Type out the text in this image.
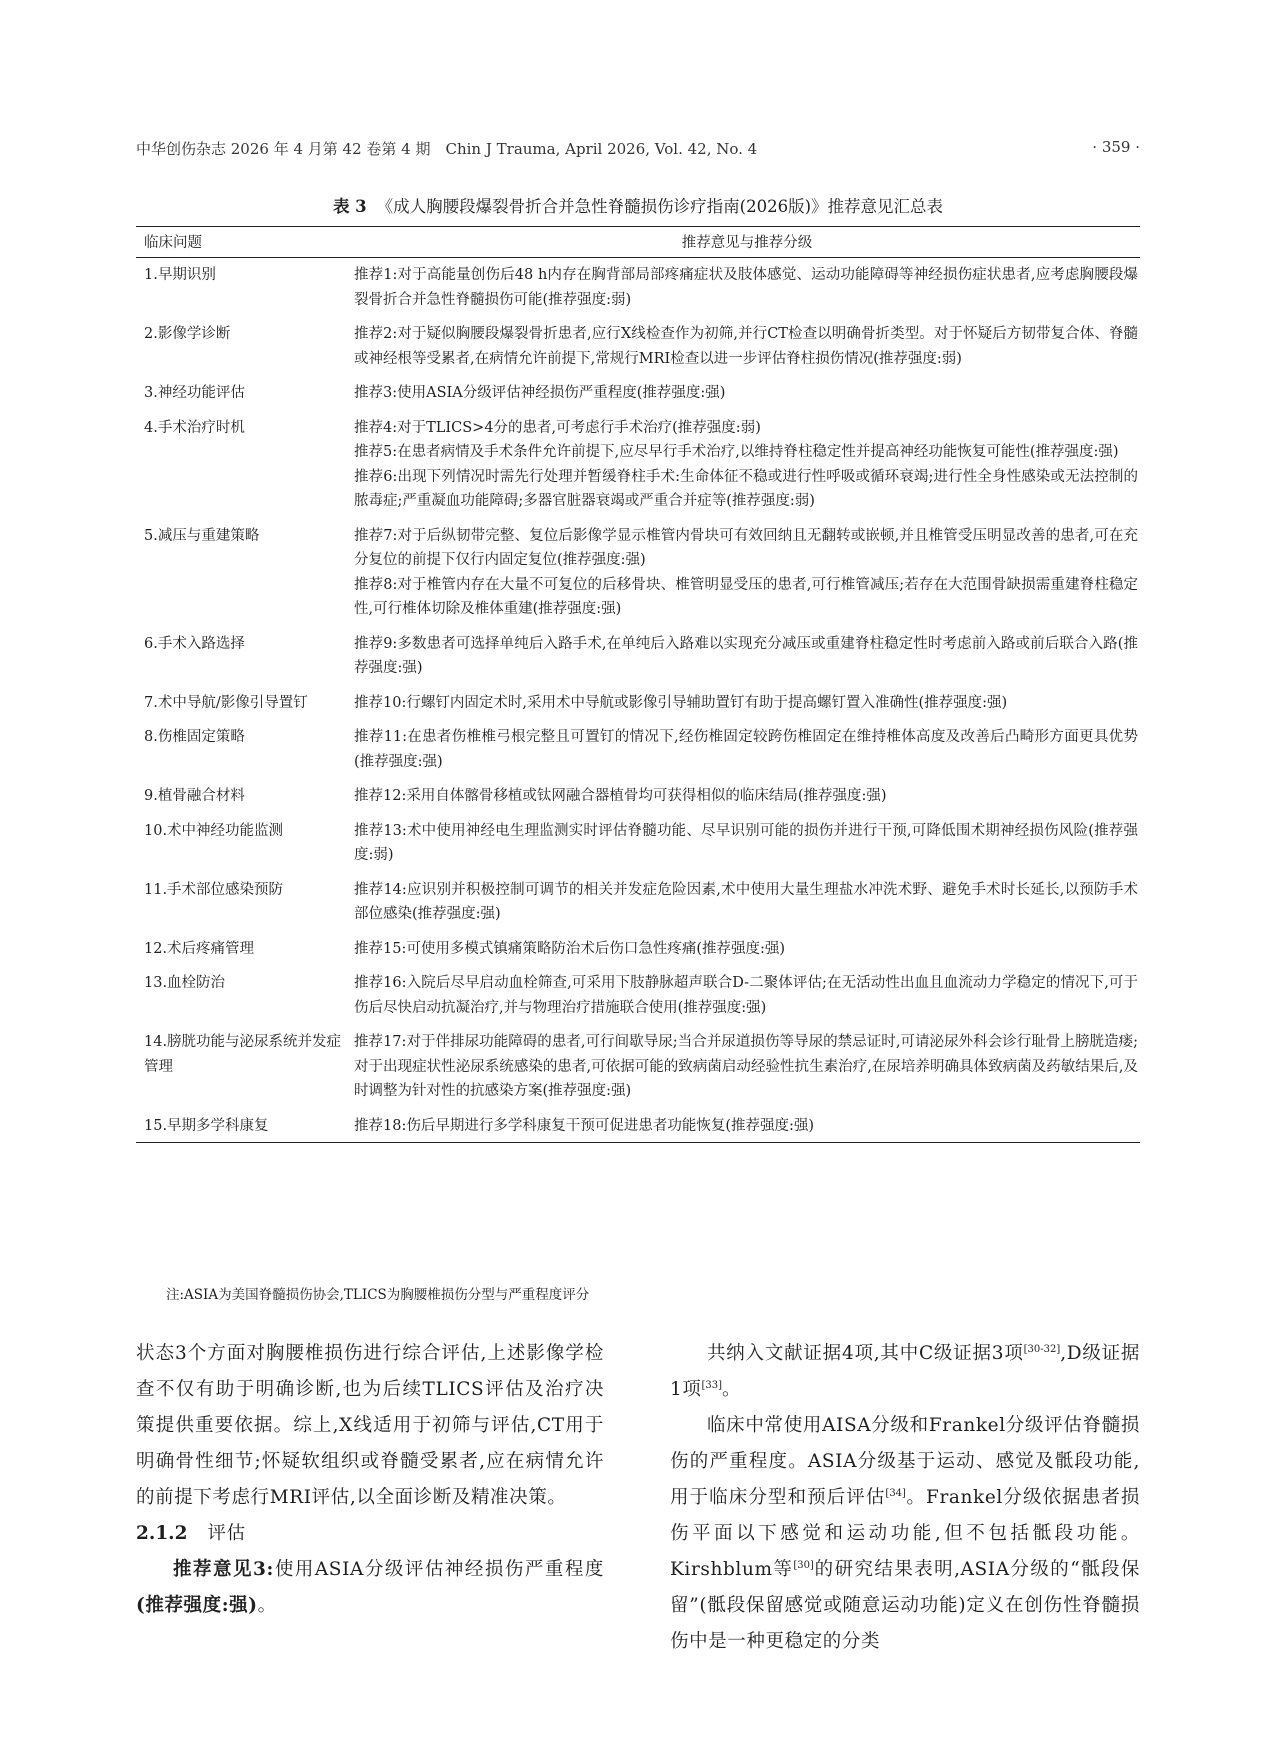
中华创伤杂志 2026 年 4 月第 42 卷第 4 期　Chin J Trauma, April 2026, Vol. 42, No. 4	· 359 ·
表 3 《成人胸腰段爆裂骨折合并急性脊髓损伤诊疗指南(2026版)》推荐意见汇总表
临床问题	推荐意见与推荐分级
1.早期识别	推荐1:对于高能量创伤后48 h内存在胸背部局部疼痛症状及肢体感觉、运动功能障碍等神经损伤症状患者,应考虑胸腰段爆裂骨折合并急性脊髓损伤可能(推荐强度:弱)

2.影像学诊断	推荐2:对于疑似胸腰段爆裂骨折患者,应行X线检查作为初筛,并行CT检查以明确骨折类型。对于怀疑后方韧带复合体、脊髓或神经根等受累者,在病情允许前提下,常规行MRI检查以进一步评估脊柱损伤情况(推荐强度:弱)

3.神经功能评估	推荐3:使用ASIA分级评估神经损伤严重程度(推荐强度:强)

4.手术治疗时机	推荐4:对于TLICS>4分的患者,可考虑行手术治疗(推荐强度:弱)
推荐5:在患者病情及手术条件允许前提下,应尽早行手术治疗,以维持脊柱稳定性并提高神经功能恢复可能性(推荐强度:强)
推荐6:出现下列情况时需先行处理并暂缓脊柱手术:生命体征不稳或进行性呼吸或循环衰竭;进行性全身性感染或无法控制的脓毒症;严重凝血功能障碍;多器官脏器衰竭或严重合并症等(推荐强度:弱)

5.减压与重建策略	推荐7:对于后纵韧带完整、复位后影像学显示椎管内骨块可有效回纳且无翻转或嵌顿,并且椎管受压明显改善的患者,可在充分复位的前提下仅行内固定复位(推荐强度:强)
推荐8:对于椎管内存在大量不可复位的后移骨块、椎管明显受压的患者,可行椎管减压;若存在大范围骨缺损需重建脊柱稳定性,可行椎体切除及椎体重建(推荐强度:强)

6.手术入路选择	推荐9:多数患者可选择单纯后入路手术,在单纯后入路难以实现充分减压或重建脊柱稳定性时考虑前入路或前后联合入路(推荐强度:强)

7.术中导航/影像引导置钉	推荐10:行螺钉内固定术时,采用术中导航或影像引导辅助置钉有助于提高螺钉置入准确性(推荐强度:强)

8.伤椎固定策略	推荐11:在患者伤椎椎弓根完整且可置钉的情况下,经伤椎固定较跨伤椎固定在维持椎体高度及改善后凸畸形方面更具优势(推荐强度:强)

9.植骨融合材料	推荐12:采用自体髂骨移植或钛网融合器植骨均可获得相似的临床结局(推荐强度:强)

10.术中神经功能监测	推荐13:术中使用神经电生理监测实时评估脊髓功能、尽早识别可能的损伤并进行干预,可降低围术期神经损伤风险(推荐强度:弱)

11.手术部位感染预防	推荐14:应识别并积极控制可调节的相关并发症危险因素,术中使用大量生理盐水冲洗术野、避免手术时长延长,以预防手术部位感染(推荐强度:强)

12.术后疼痛管理	推荐15:可使用多模式镇痛策略防治术后伤口急性疼痛(推荐强度:强)

13.血栓防治	推荐16:入院后尽早启动血栓筛查,可采用下肢静脉超声联合D-二聚体评估;在无活动性出血且血流动力学稳定的情况下,可于伤后尽快启动抗凝治疗,并与物理治疗措施联合使用(推荐强度:强)

14.膀胱功能与泌尿系统并发症管理	推荐17:对于伴排尿功能障碍的患者,可行间歇导尿;当合并尿道损伤等导尿的禁忌证时,可请泌尿外科会诊行耻骨上膀胱造瘘;对于出现症状性泌尿系统感染的患者,可依据可能的致病菌启动经验性抗生素治疗,在尿培养明确具体致病菌及药敏结果后,及时调整为针对性的抗感染方案(推荐强度:强)

15.早期多学科康复	推荐18:伤后早期进行多学科康复干预可促进患者功能恢复(推荐强度:强)
注:ASIA为美国脊髓损伤协会,TLICS为胸腰椎损伤分型与严重程度评分

状态3个方面对胸腰椎损伤进行综合评估,上述影像学检查不仅有助于明确诊断,也为后续TLICS评估及治疗决策提供重要依据。综上,X线适用于初筛与评估,CT用于明确骨性细节;怀疑软组织或脊髓受累者,应在病情允许的前提下考虑行MRI评估,以全面诊断及精准决策。

2.1.2 评估

推荐意见3:使用ASIA分级评估神经损伤严重程度(推荐强度:强)。

共纳入文献证据4项,其中C级证据3项[30-32],D级证据1项[33]。

临床中常使用AISA分级和Frankel分级评估脊髓损伤的严重程度。ASIA分级基于运动、感觉及骶段功能,用于临床分型和预后评估[34]。Frankel分级依据患者损伤平面以下感觉和运动功能,但不包括骶段功能。Kirshblum等[30]的研究结果表明,ASIA分级的“骶段保留”(骶段保留感觉或随意运动功能)定义在创伤性脊髓损伤中是一种更稳定的分类
